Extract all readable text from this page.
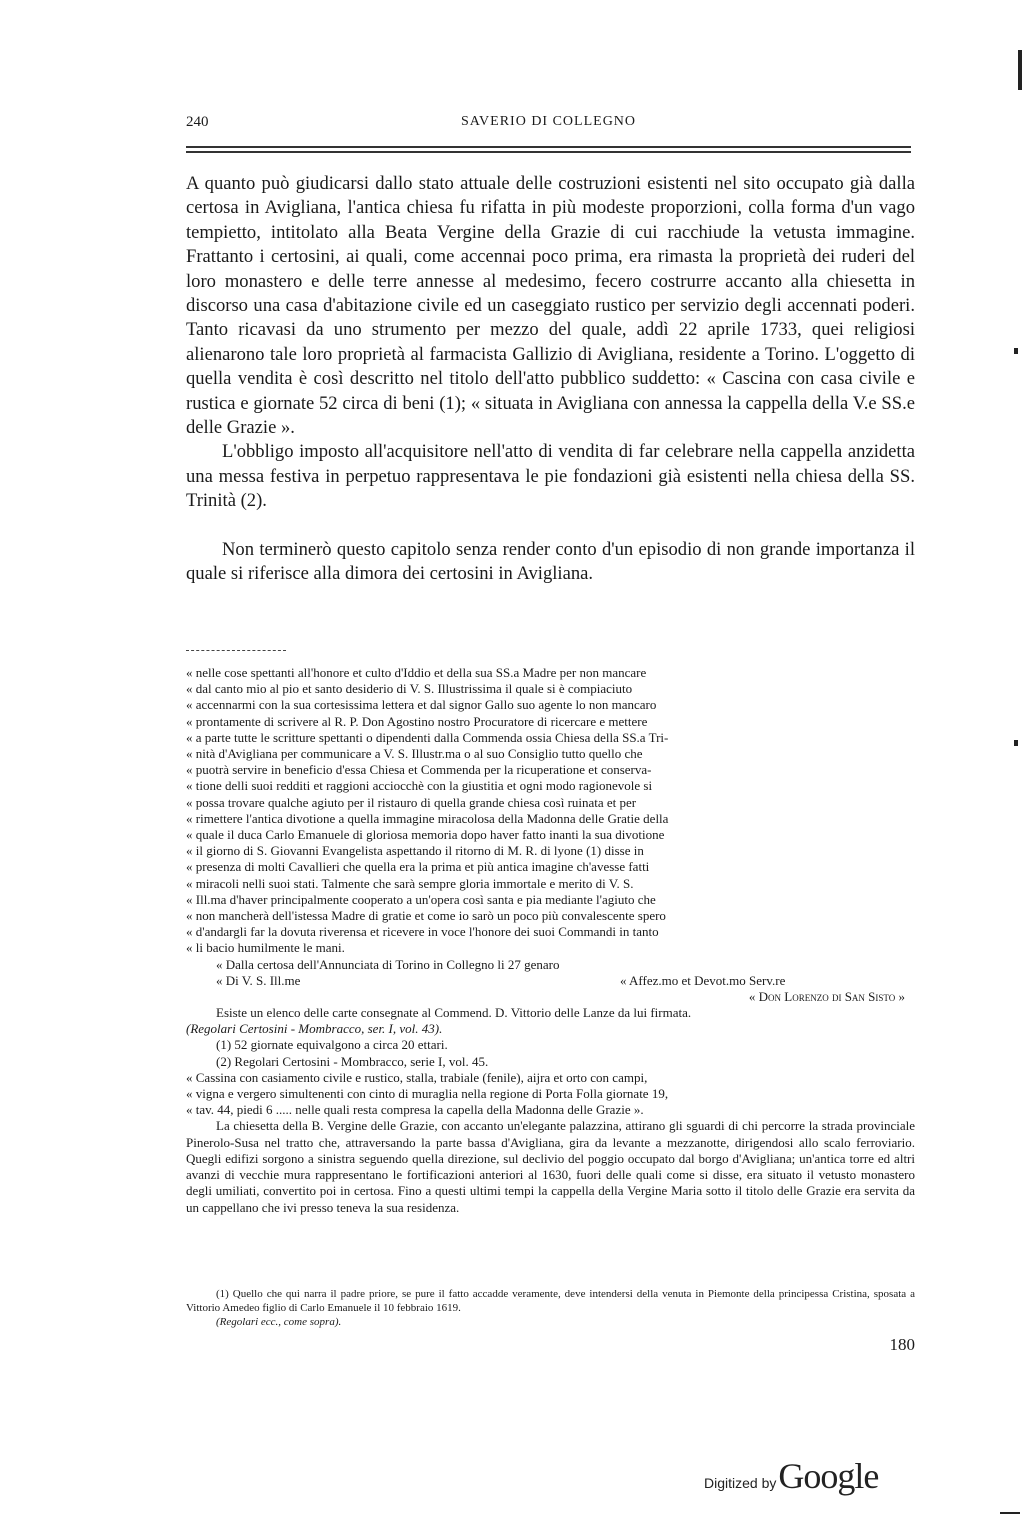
240	SAVERIO DI COLLEGNO

A quanto può giudicarsi dallo stato attuale delle costruzioni esistenti nel sito occupato già dalla certosa in Avigliana, l'antica chiesa fu rifatta in più modeste proporzioni, colla forma d'un vago tempietto, intitolato alla Beata Vergine della Grazie di cui racchiude la vetusta immagine. Frattanto i certosini, ai quali, come accennai poco prima, era rimasta la proprietà dei ruderi del loro monastero e delle terre annesse al medesimo, fecero costrurre accanto alla chiesetta in discorso una casa d'abitazione civile ed un caseggiato rustico per servizio degli accennati poderi. Tanto ricavasi da uno strumento per mezzo del quale, addì 22 aprile 1733, quei religiosi alienarono tale loro proprietà al farmacista Gallizio di Avigliana, residente a Torino. L'oggetto di quella vendita è così descritto nel titolo dell'atto pubblico suddetto: « Cascina con casa civile e rustica e giornate 52 circa di beni (1); « situata in Avigliana con annessa la cappella della V.e SS.e delle Grazie ».

L'obbligo imposto all'acquisitore nell'atto di vendita di far celebrare nella cappella anzidetta una messa festiva in perpetuo rappresentava le pie fondazioni già esistenti nella chiesa della SS. Trinità (2).

Non terminerò questo capitolo senza render conto d'un episodio di non grande importanza il quale si riferisce alla dimora dei certosini in Avigliana.

« nelle cose spettanti all'honore et culto d'Iddio et della sua SS.a Madre per non mancare
« dal canto mio al pio et santo desiderio di V. S. Illustrissima il quale si è compiaciuto
« accennarmi con la sua cortesissima lettera et dal signor Gallo suo agente lo non mancaro
« prontamente di scrivere al R. P. Don Agostino nostro Procuratore di ricercare e mettere
« a parte tutte le scritture spettanti o dipendenti dalla Commenda ossia Chiesa della SS.a Tri-
« nità d'Avigliana per communicare a V. S. Illustr.ma o al suo Consiglio tutto quello che
« puotrà servire in beneficio d'essa Chiesa et Commenda per la ricuperatione et conserva-
« tione delli suoi redditi et raggioni acciocchè con la giustitia et ogni modo ragionevole si
« possa trovare qualche agiuto per il ristauro di quella grande chiesa così ruinata et per
« rimettere l'antica divotione a quella immagine miracolosa della Madonna delle Gratie della
« quale il duca Carlo Emanuele di gloriosa memoria dopo haver fatto inanti la sua divotione
« il giorno di S. Giovanni Evangelista aspettando il ritorno di M. R. di lyone (1) disse in
« presenza di molti Cavallieri che quella era la prima et più antica imagine ch'avesse fatti
« miracoli nelli suoi stati. Talmente che sarà sempre gloria immortale e merito di V. S.
« Ill.ma d'haver principalmente cooperato a un'opera così santa e pia mediante l'agiuto che
« non mancherà dell'istessa Madre di gratie et come io sarò un poco più convalescente spero
« d'andargli far la dovuta riverensa et ricevere in voce l'honore dei suoi Commandi in tanto
« li bacio humilmente le mani.
« Dalla certosa dell'Annunciata di Torino in Collegno li 27 genaro
« Di V. S. Ill.me	« Affez.mo et Devot.mo Serv.re
« Don Lorenzo di San Sisto »

Esiste un elenco delle carte consegnate al Commend. D. Vittorio delle Lanze da lui firmata.

(Regolari Certosini - Mombracco, ser. I, vol. 43).

(1) 52 giornate equivalgono a circa 20 ettari.

(2) Regolari Certosini - Mombracco, serie I, vol. 45.

« Cassina con casiamento civile e rustico, stalla, trabiale (fenile), aijra et orto con campi,
« vigna e vergero simultenenti con cinto di muraglia nella regione di Porta Folla giornate 19,
« tav. 44, piedi 6 ..... nelle quali resta compresa la capella della Madonna delle Grazie ».

La chiesetta della B. Vergine delle Grazie, con accanto un'elegante palazzina, attirano gli sguardi di chi percorre la strada provinciale Pinerolo-Susa nel tratto che, attraversando la parte bassa d'Avigliana, gira da levante a mezzanotte, dirigendosi allo scalo ferroviario. Quegli edifizi sorgono a sinistra seguendo quella direzione, sul declivio del poggio occupato dal borgo d'Avigliana; un'antica torre ed altri avanzi di vecchie mura rappresentano le fortificazioni anteriori al 1630, fuori delle quali come si disse, era situato il vetusto monastero degli umiliati, convertito poi in certosa. Fino a questi ultimi tempi la cappella della Vergine Maria sotto il titolo delle Grazie era servita da un cappellano che ivi presso teneva la sua residenza.

(1) Quello che qui narra il padre priore, se pure il fatto accadde veramente, deve intendersi della venuta in Piemonte della principessa Cristina, sposata a Vittorio Amedeo figlio di Carlo Emanuele il 10 febbraio 1619.

(Regolari ecc., come sopra).

180
Digitized by Google
